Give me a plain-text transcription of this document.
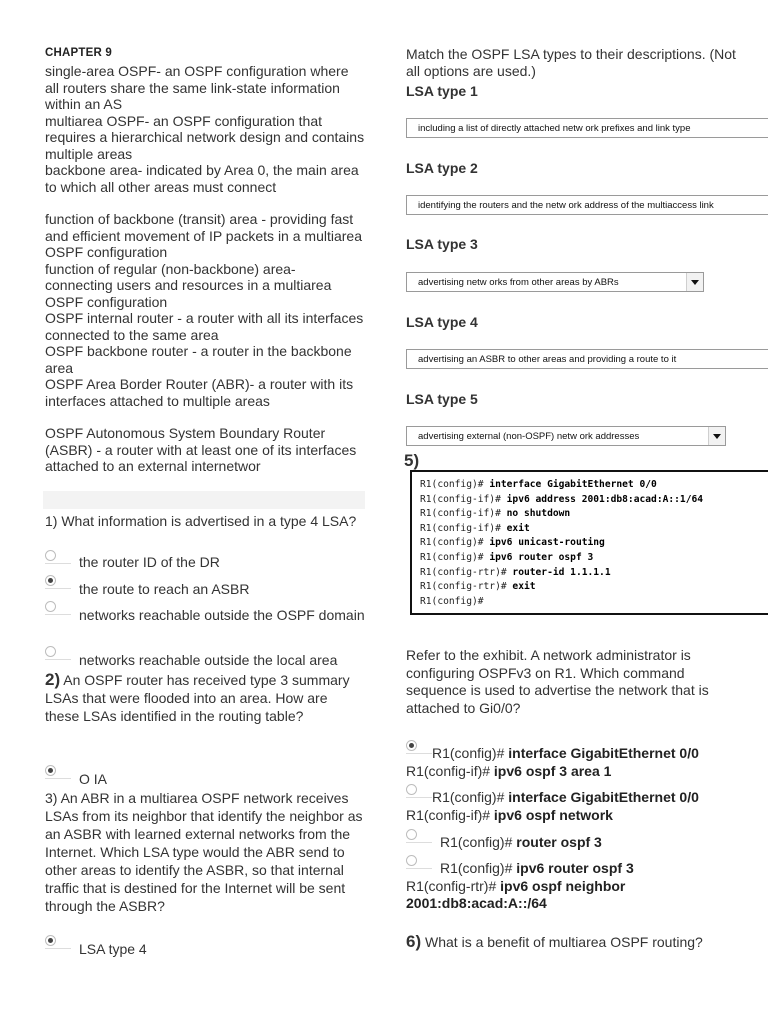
CHAPTER 9

single-area OSPF- an OSPF configuration where all routers share the same link-state information within an AS

multiarea OSPF- an OSPF configuration that requires a hierarchical network design and contains multiple areas

backbone area- indicated by Area 0, the main area to which all other areas must connect

function of backbone (transit) area - providing fast and efficient movement of IP packets in a multiarea OSPF configuration

function of regular (non-backbone) area- connecting users and resources in a multiarea OSPF configuration

OSPF internal router - a router with all its interfaces connected to the same area

OSPF backbone router - a router in the backbone area

OSPF Area Border Router (ABR)- a router with its interfaces attached to multiple areas

OSPF Autonomous System Boundary Router (ASBR) - a router with at least one of its interfaces attached to an external internetwor

1) What information is advertised in a type 4 LSA?
the router ID of the DR
the route to reach an ASBR
networks reachable outside the OSPF domain
networks reachable outside the local area
2) An OSPF router has received type 3 summary LSAs that were flooded into an area. How are these LSAs identified in the routing table?
O IA
3) An ABR in a multiarea OSPF network receives LSAs from its neighbor that identify the neighbor as an ASBR with learned external networks from the Internet. Which LSA type would the ABR send to other areas to identify the ASBR, so that internal traffic that is destined for the Internet will be sent through the ASBR?
LSA type 4
Match the OSPF LSA types to their descriptions. (Not all options are used.)
LSA type 1
including a list of directly attached netw ork prefixes and link type
LSA type 2
identifying the routers and the netw ork address of the multiaccess link
LSA type 3
advertising netw orks from other areas by ABRs
LSA type 4
advertising an ASBR to other areas and providing a route to it
LSA type 5
advertising external (non-OSPF) netw ork addresses
5)
R1(config)# interface GigabitEthernet 0/0
R1(config-if)# ipv6 address 2001:db8:acad:A::1/64
R1(config-if)# no shutdown
R1(config-if)# exit
R1(config)# ipv6 unicast-routing
R1(config)# ipv6 router ospf 3
R1(config-rtr)# router-id 1.1.1.1
R1(config-rtr)# exit
R1(config)#
Refer to the exhibit. A network administrator is configuring OSPFv3 on R1. Which command sequence is used to advertise the network that is attached to Gi0/0?
R1(config)# interface GigabitEthernet 0/0
R1(config-if)# ipv6 ospf 3 area 1
R1(config)# interface GigabitEthernet 0/0 R1(config-if)# ipv6 ospf network
R1(config)# router ospf 3
R1(config)# ipv6 router ospf 3
R1(config-rtr)# ipv6 ospf neighbor 2001:db8:acad:A::/64
6) What is a benefit of multiarea OSPF routing?
